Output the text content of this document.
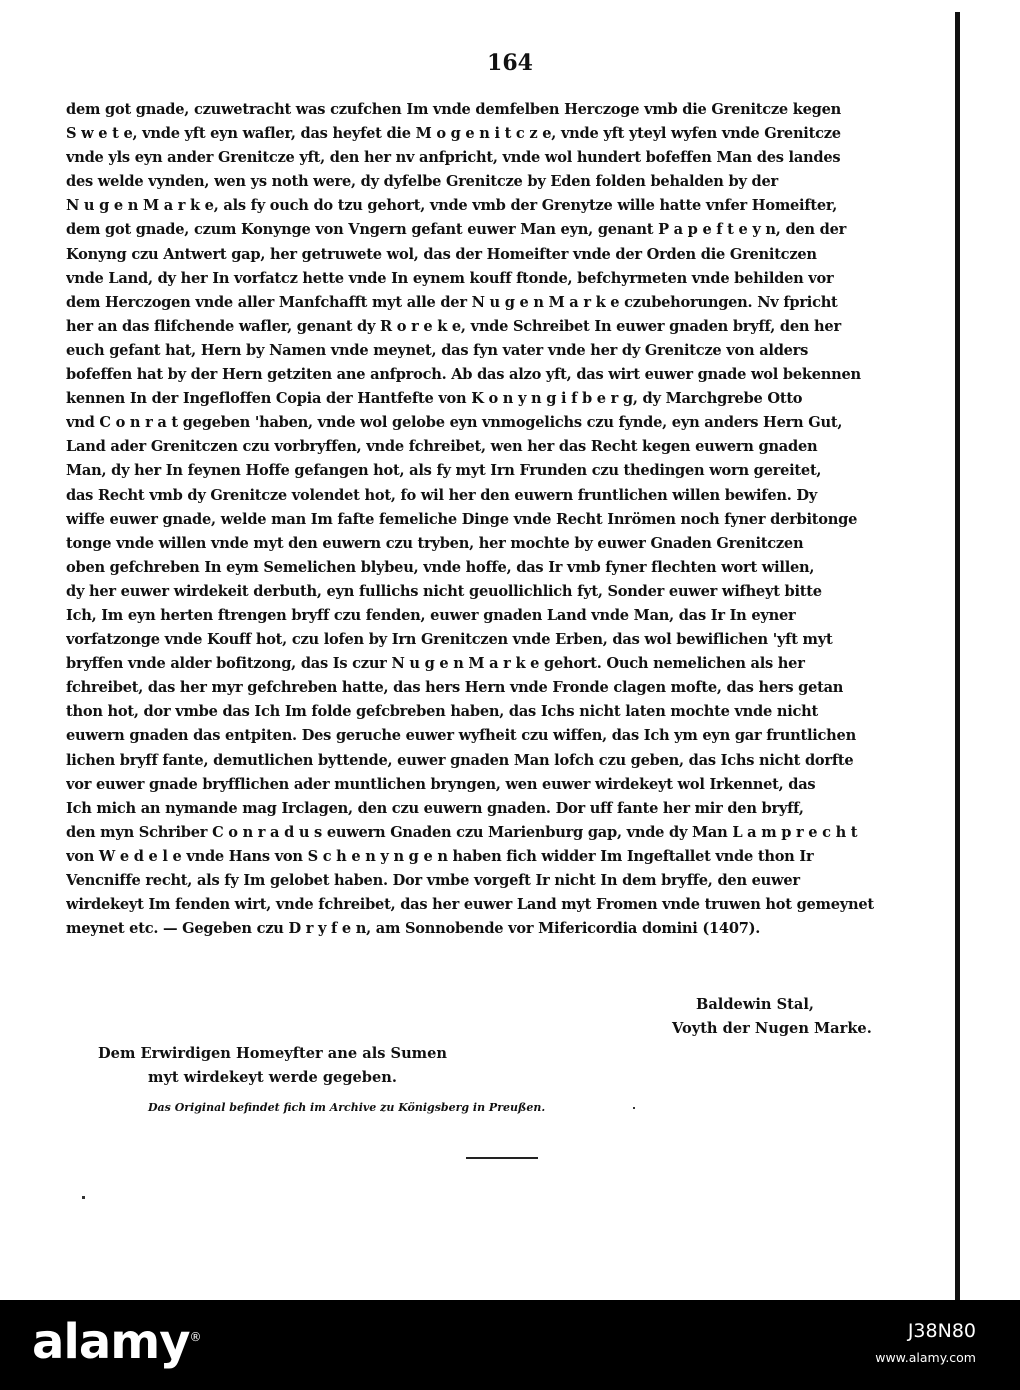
164
dem got gnade, czuwetracht was czufchen Im vnde demfelben Herczoge vmb die Grenitcze kegen
S w e t e, vnde yft eyn wafler, das heyfet die M o g e n i t c z e, vnde yft yteyl wyfen vnde Grenitcze
vnde yls eyn ander Grenitcze yft, den her nv anfpricht, vnde wol hundert bofeffen Man des landes
des welde vynden, wen ys noth were, dy dyfelbe Grenitcze by Eden folden behalden by der
N u g e n M a r k e, als fy ouch do tzu gehort, vnde vmb der Grenytze wille hatte vnfer Homeifter,
dem got gnade, czum Konynge von Vngern gefant euwer Man eyn, genant P a p e f t e y n, den der
Konyng czu Antwert gap, her getruwete wol, das der Homeifter vnde der Orden die Grenitczen
vnde Land, dy her In vorfatcz hette vnde In eynem kouff ftonde, befchyrmeten vnde behilden vor
dem Herczogen vnde aller Manfchafft myt alle der N u g e n M a r k e czubehorungen. Nv fpricht
her an das flifchende wafler, genant dy R o r e k e, vnde Schreibet In euwer gnaden bryff, den her
euch gefant hat, Hern by Namen vnde meynet, das fyn vater vnde her dy Grenitcze von alders
bofeffen hat by der Hern getziten ane anfproch. Ab das alzo yft, das wirt euwer gnade wol bekennen
kennen In der Ingefloffen Copia der Hantfefte von K o n y n g i f b e r g, dy Marchgrebe Otto
vnd C o n r a t gegeben 'haben, vnde wol gelobe eyn vnmogelichs czu fynde, eyn anders Hern Gut,
Land ader Grenitczen czu vorbryffen, vnde fchreibet, wen her das Recht kegen euwern gnaden
Man, dy her In feynen Hoffe gefangen hot, als fy myt Irn Frunden czu thedingen worn gereitet,
das Recht vmb dy Grenitcze volendet hot, fo wil her den euwern fruntlichen willen bewifen. Dy
wiffe euwer gnade, welde man Im fafte femeliche Dinge vnde Recht Inrömen noch fyner derbitonge
tonge vnde willen vnde myt den euwern czu tryben, her mochte by euwer Gnaden Grenitczen
oben gefchreben In eym Semelichen blybeu, vnde hoffe, das Ir vmb fyner flechten wort willen,
dy her euwer wirdekeit derbuth, eyn fullichs nicht geuollichlich fyt, Sonder euwer wifheyt bitte
Ich, Im eyn herten ftrengen bryff czu fenden, euwer gnaden Land vnde Man, das Ir In eyner
vorfatzonge vnde Kouff hot, czu lofen by Irn Grenitczen vnde Erben, das wol bewiflichen 'yft myt
bryffen vnde alder bofitzong, das Is czur N u g e n M a r k e gehort. Ouch nemelichen als her
fchreibet, das her myr gefchreben hatte, das hers Hern vnde Fronde clagen mofte, das hers getan
thon hot, dor vmbe das Ich Im folde gefcbreben haben, das Ichs nicht laten mochte vnde nicht
euwern gnaden das entpiten. Des geruche euwer wyfheit czu wiffen, das Ich ym eyn gar fruntlichen
lichen bryff fante, demutlichen byttende, euwer gnaden Man lofch czu geben, das Ichs nicht dorfte
vor euwer gnade bryfflichen ader muntlichen bryngen, wen euwer wirdekeyt wol Irkennet, das
Ich mich an nymande mag Irclagen, den czu euwern gnaden. Dor uff fante her mir den bryff,
den myn Schriber C o n r a d u s euwern Gnaden czu Marienburg gap, vnde dy Man L a m p r e c h t
von W e d e l e vnde Hans von S c h e n y n g e n haben fich widder Im Ingeftallet vnde thon Ir
Vencniffe recht, als fy Im gelobet haben. Dor vmbe vorgeft Ir nicht In dem bryffe, den euwer
wirdekeyt Im fenden wirt, vnde fchreibet, das her euwer Land myt Fromen vnde truwen hot gemeynet
meynet etc. — Gegeben czu D r y f e n, am Sonnobende vor Mifericordia domini (1407).
Baldewin Stal,
Voyth der Nugen Marke.
Dem Erwirdigen Homeyfter ane als Sumen
myt wirdekeyt werde gegeben.
Das Original befindet fich im Archive zu Königsberg in Preußen.
alamy®	J38N80
www.alamy.com
